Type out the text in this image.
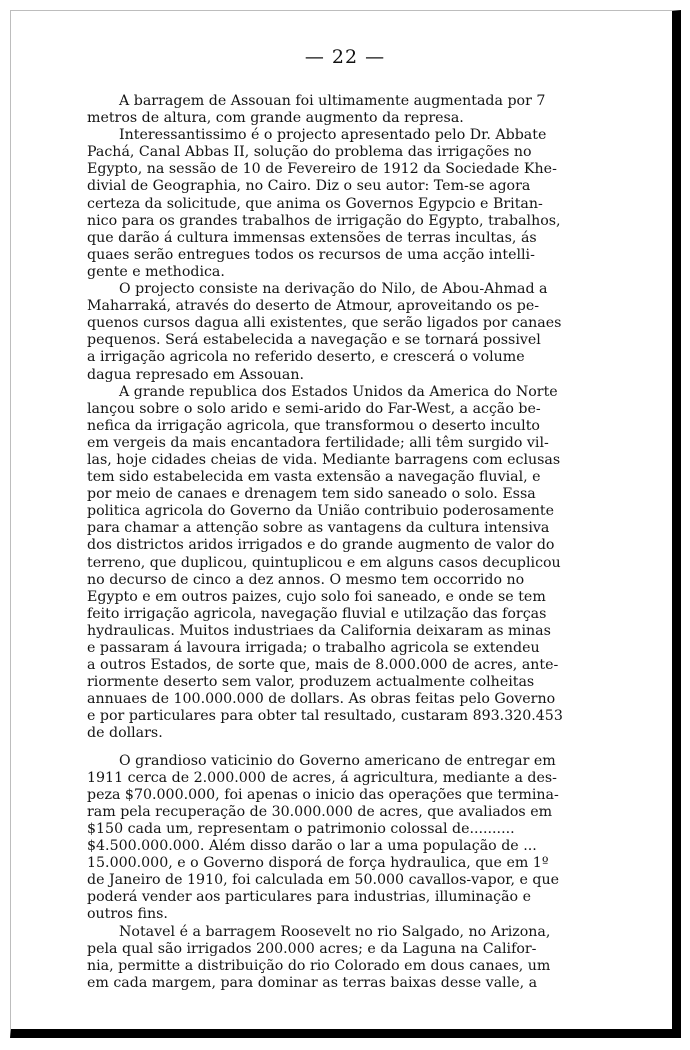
— 22 —
A barragem de Assouan foi ultimamente augmentada por 7
metros de altura, com grande augmento da represa.
Interessantissimo é o projecto apresentado pelo Dr. Abbate
Pachá, Canal Abbas II, solução do problema das irrigações no
Egypto, na sessão de 10 de Fevereiro de 1912 da Sociedade Khe-
divial de Geographia, no Cairo. Diz o seu autor: Tem-se agora
certeza da solicitude, que anima os Governos Egypcio e Britan-
nico para os grandes trabalhos de irrigação do Egypto, trabalhos,
que darão á cultura immensas extensões de terras incultas, ás
quaes serão entregues todos os recursos de uma acção intelli-
gente e methodica.
O projecto consiste na derivação do Nilo, de Abou-Ahmad a
Maharraká, através do deserto de Atmour, aproveitando os pe-
quenos cursos dagua alli existentes, que serão ligados por canaes
pequenos. Será estabelecida a navegação e se tornará possivel
a irrigação agricola no referido deserto, e crescerá o volume
dagua represado em Assouan.
A grande republica dos Estados Unidos da America do Norte
lançou sobre o solo arido e semi-arido do Far-West, a acção be-
nefica da irrigação agricola, que transformou o deserto inculto
em vergeis da mais encantadora fertilidade; alli têm surgido vil-
las, hoje cidades cheias de vida. Mediante barragens com eclusas
tem sido estabelecida em vasta extensão a navegação fluvial, e
por meio de canaes e drenagem tem sido saneado o solo. Essa
politica agricola do Governo da União contribuio poderosamente
para chamar a attenção sobre as vantagens da cultura intensiva
dos districtos aridos irrigados e do grande augmento de valor do
terreno, que duplicou, quintuplicou e em alguns casos decuplicou
no decurso de cinco a dez annos. O mesmo tem occorrido no
Egypto e em outros paizes, cujo solo foi saneado, e onde se tem
feito irrigação agricola, navegação fluvial e utilzação das forças
hydraulicas. Muitos industriaes da California deixaram as minas
e passaram á lavoura irrigada; o trabalho agricola se extendeu
a outros Estados, de sorte que, mais de 8.000.000 de acres, ante-
riormente deserto sem valor, produzem actualmente colheitas
annuaes de 100.000.000 de dollars. As obras feitas pelo Governo
e por particulares para obter tal resultado, custaram 893.320.453
de dollars.
O grandioso vaticinio do Governo americano de entregar em
1911 cerca de 2.000.000 de acres, á agricultura, mediante a des-
peza $70.000.000, foi apenas o inicio das operações que termina-
ram pela recuperação de 30.000.000 de acres, que avaliados em
$150 cada um, representam o patrimonio colossal de..........
$4.500.000.000. Além disso darão o lar a uma população de ...
15.000.000, e o Governo disporá de força hydraulica, que em 1º
de Janeiro de 1910, foi calculada em 50.000 cavallos-vapor, e que
poderá vender aos particulares para industrias, illuminação e
outros fins.
Notavel é a barragem Roosevelt no rio Salgado, no Arizona,
pela qual são irrigados 200.000 acres; e da Laguna na Califor-
nia, permitte a distribuição do rio Colorado em dous canaes, um
em cada margem, para dominar as terras baixas desse valle, a
